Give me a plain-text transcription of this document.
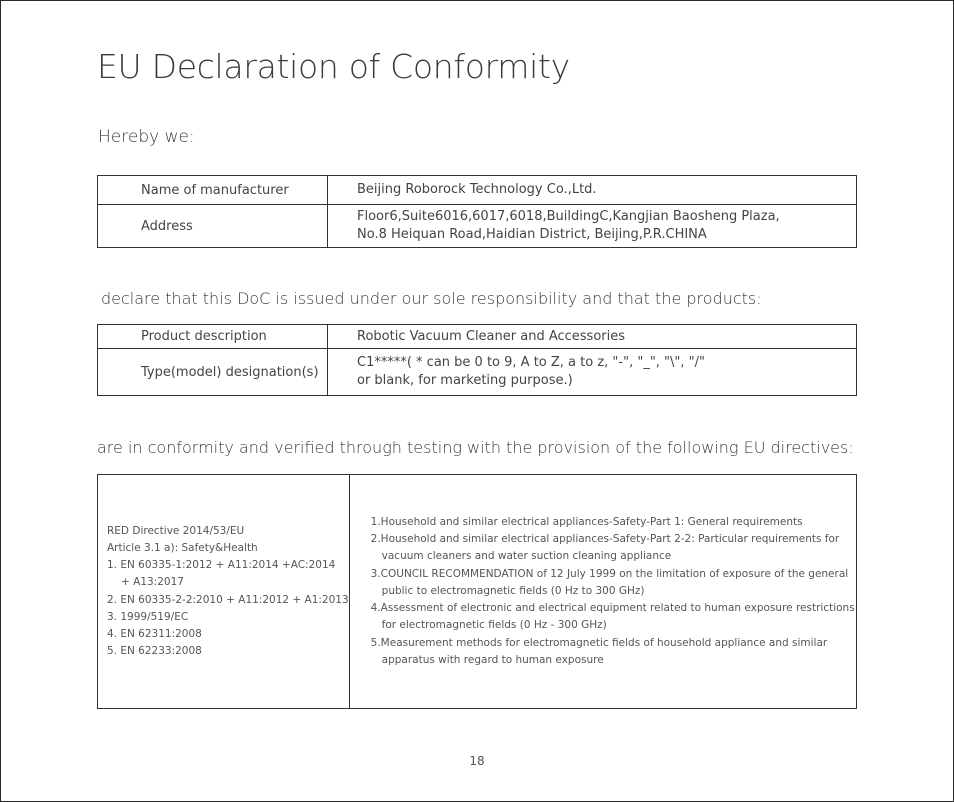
EU Declaration of Conformity

Hereby we:

Name of manufacturer	Beijing Roborock Technology Co.,Ltd.
Address	Floor6,Suite6016,6017,6018,BuildingC,Kangjian Baosheng Plaza,
No.8 Heiquan Road,Haidian District, Beijing,P.R.CHINA

declare that this DoC is issued under our sole responsibility and that the products:

Product description	Robotic Vacuum Cleaner and Accessories
Type(model) designation(s)	C1*****( * can be 0 to 9, A to Z, a to z, "-", "_", "\", "/"
or blank, for marketing purpose.)

are in conformity and verified through testing with the provision of the following EU directives:

RED Directive 2014/53/EU
Article 3.1 a): Safety&Health
1. EN 60335-1:2012 + A11:2014 +AC:2014
+ A13:2017
2. EN 60335-2-2:2010 + A11:2012 + A1:2013
3. 1999/519/EC
4. EN 62311:2008
5. EN 62233:2008

1.Household and similar electrical appliances-Safety-Part 1: General requirements
2.Household and similar electrical appliances-Safety-Part 2-2: Particular requirements for
vacuum cleaners and water suction cleaning appliance
3.COUNCIL RECOMMENDATION of 12 July 1999 on the limitation of exposure of the general
public to electromagnetic fields (0 Hz to 300 GHz)
4.Assessment of electronic and electrical equipment related to human exposure restrictions
for electromagnetic fields (0 Hz - 300 GHz)
5.Measurement methods for electromagnetic fields of household appliance and similar
apparatus with regard to human exposure
18
